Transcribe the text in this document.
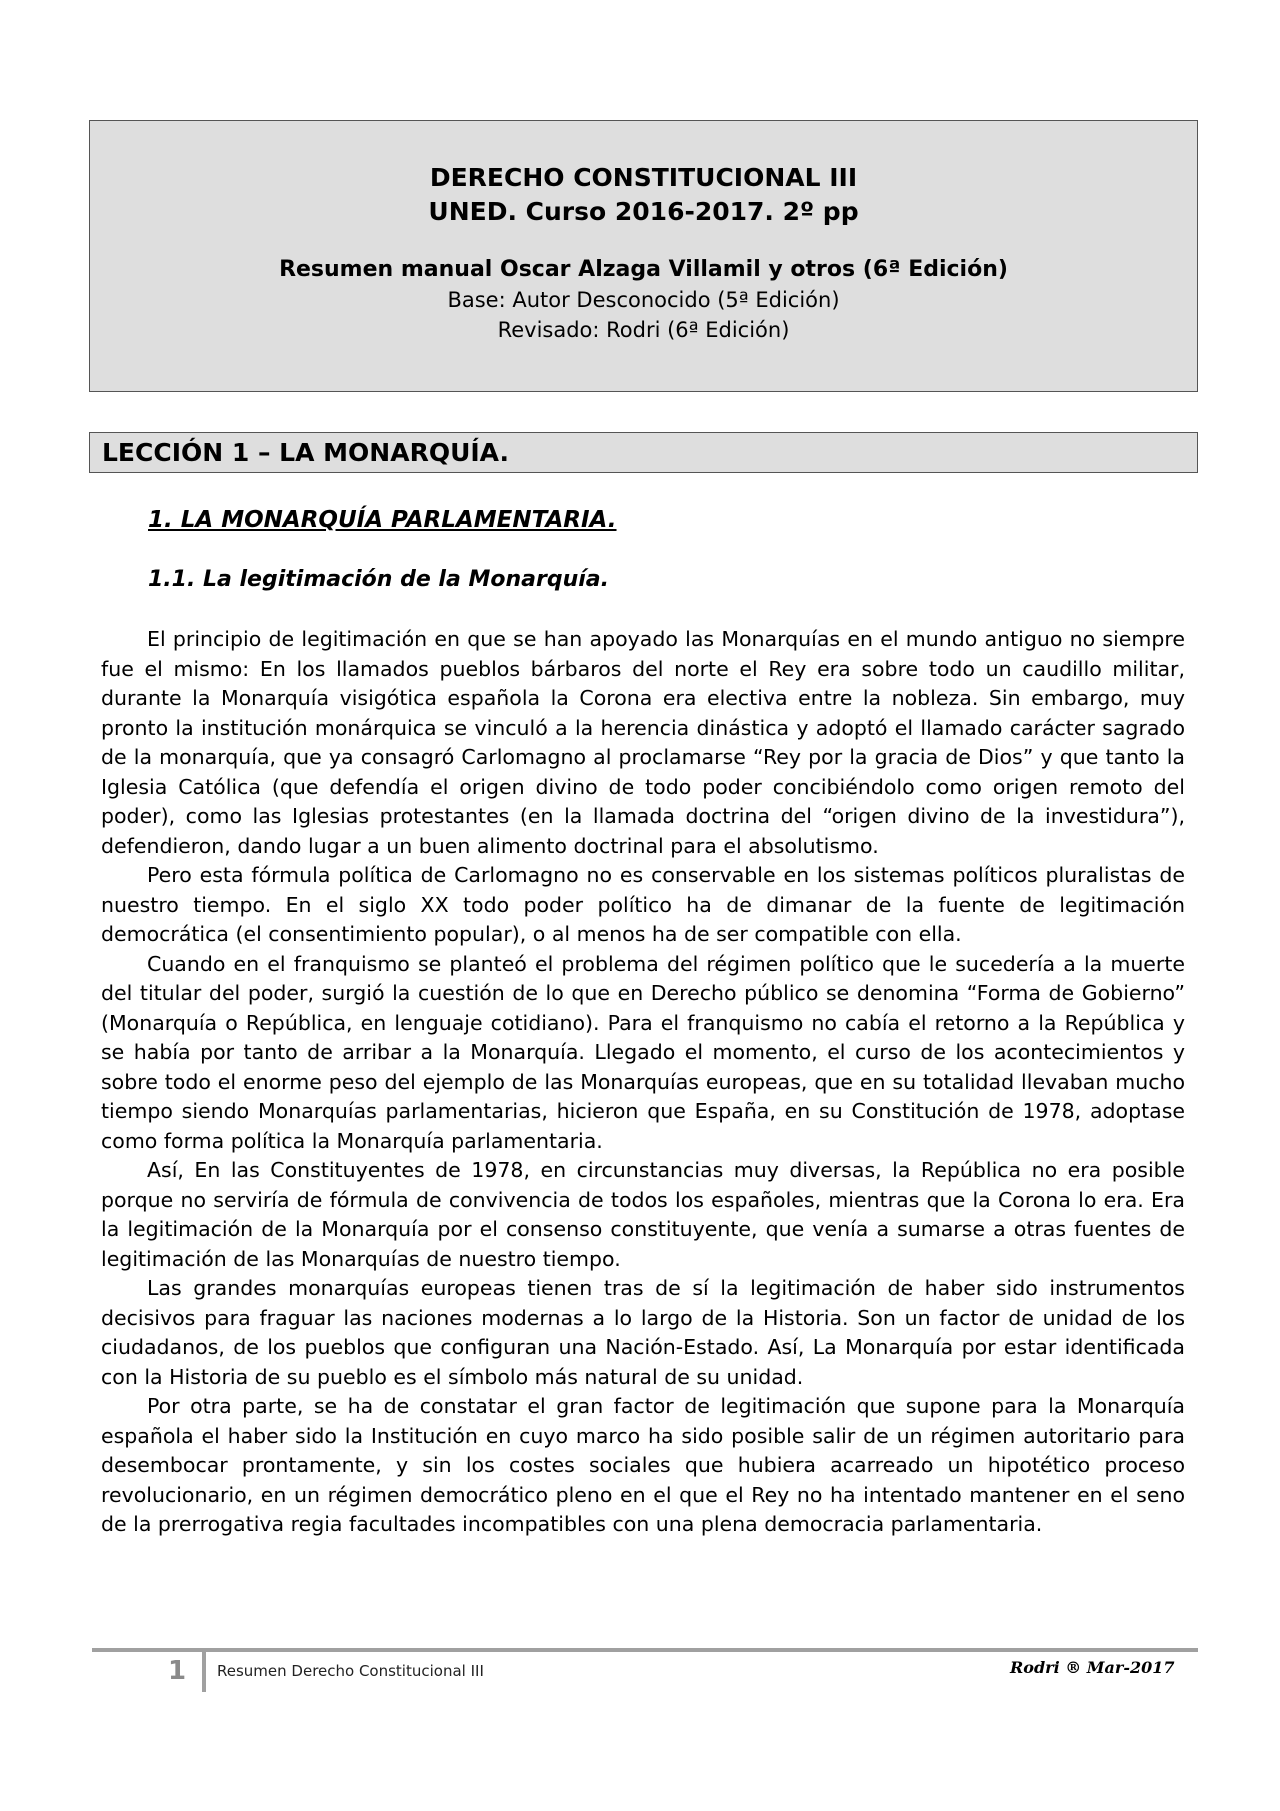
DERECHO CONSTITUCIONAL III
UNED. Curso 2016-2017. 2º pp
Resumen manual Oscar Alzaga Villamil y otros (6ª Edición)
Base: Autor Desconocido (5ª Edición)
Revisado: Rodri (6ª Edición)
LECCIÓN 1 – LA MONARQUÍA.
1. LA MONARQUÍA PARLAMENTARIA.
1.1. La legitimación de la Monarquía.

El principio de legitimación en que se han apoyado las Monarquías en el mundo antiguo no siempre fue el mismo: En los llamados pueblos bárbaros del norte el Rey era sobre todo un caudillo militar, durante la Monarquía visigótica española la Corona era electiva entre la nobleza. Sin embargo, muy pronto la institución monárquica se vinculó a la herencia dinástica y adoptó el llamado carácter sagrado de la monarquía, que ya consagró Carlomagno al proclamarse “Rey por la gracia de Dios” y que tanto la Iglesia Católica (que defendía el origen divino de todo poder concibiéndolo como origen remoto del poder), como las Iglesias protestantes (en la llamada doctrina del “origen divino de la investidura”), defendieron, dando lugar a un buen alimento doctrinal para el absolutismo.

Pero esta fórmula política de Carlomagno no es conservable en los sistemas políticos pluralistas de nuestro tiempo. En el siglo XX todo poder político ha de dimanar de la fuente de legitimación democrática (el consentimiento popular), o al menos ha de ser compatible con ella.

Cuando en el franquismo se planteó el problema del régimen político que le sucedería a la muerte del titular del poder, surgió la cuestión de lo que en Derecho público se denomina “Forma de Gobierno” (Monarquía o República, en lenguaje cotidiano). Para el franquismo no cabía el retorno a la República y se había por tanto de arribar a la Monarquía. Llegado el momento, el curso de los acontecimientos y sobre todo el enorme peso del ejemplo de las Monarquías europeas, que en su totalidad llevaban mucho tiempo siendo Monarquías parlamentarias, hicieron que España, en su Constitución de 1978, adoptase como forma política la Monarquía parlamentaria.

Así, En las Constituyentes de 1978, en circunstancias muy diversas, la República no era posible porque no serviría de fórmula de convivencia de todos los españoles, mientras que la Corona lo era. Era la legitimación de la Monarquía por el consenso constituyente, que venía a sumarse a otras fuentes de legitimación de las Monarquías de nuestro tiempo.

Las grandes monarquías europeas tienen tras de sí la legitimación de haber sido instrumentos decisivos para fraguar las naciones modernas a lo largo de la Historia. Son un factor de unidad de los ciudadanos, de los pueblos que configuran una Nación-Estado. Así, La Monarquía por estar identificada con la Historia de su pueblo es el símbolo más natural de su unidad.

Por otra parte, se ha de constatar el gran factor de legitimación que supone para la Monarquía española el haber sido la Institución en cuyo marco ha sido posible salir de un régimen autoritario para desembocar prontamente, y sin los costes sociales que hubiera acarreado un hipotético proceso revolucionario, en un régimen democrático pleno en el que el Rey no ha intentado mantener en el seno de la prerrogativa regia facultades incompatibles con una plena democracia parlamentaria.

1 Resumen Derecho Constitucional III	Rodri ® Mar-2017
